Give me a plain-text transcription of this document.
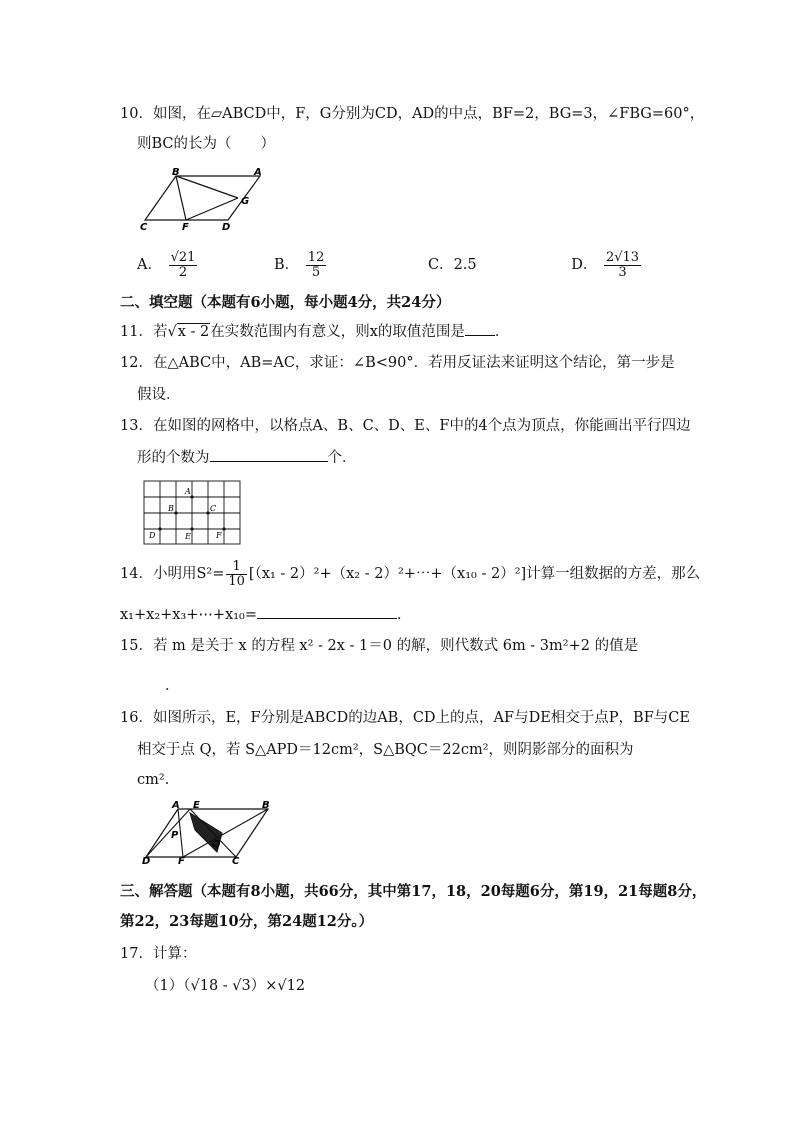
10．如图，在▱ABCD中，F，G分别为CD，AD的中点，BF=2，BG=3，∠FBG=60°，
则BC的长为（　　）
B	A
G
C	F	D
A． $\frac{√21}{2}$	B． $\frac{12}{5}$	C．2.5	D． $\frac{2√13}{3}$
二、填空题（本题有6小题，每小题4分，共24分）
11．若√x - 2在实数范围内有意义，则x的取值范围是 ．
12．在△ABC中，AB=AC，求证：∠B<90°．若用反证法来证明这个结论，第一步是
假设．
13．在如图的网格中，以格点A、B、C、D、E、F中的4个点为顶点，你能画出平行四边
形的个数为	个．
A
B	C
D	E	F
14．小明用$S^2= \frac{1}{10} [(x_1 - 2)^2+(x_2$ - 2）²+⋯+（x₁₀ - 2）²]计算一组数据的方差，那么
x₁+x₂+x₃+⋯+x₁₀=	．
15．若 m 是关于 x 的方程 x² - 2x - 1＝0 的解，则代数式 6m - 3m²+2 的值是
．
16．如图所示，E，F分别是ABCD的边AB，CD上的点，AF与DE相交于点P，BF与CE
相交于点 Q，若 S△APD＝12cm²，S△BQC＝22cm²，则阴影部分的面积为
cm².
A E	B
P
Q
D	F	C
三、解答题（本题有8小题，共66分，其中第17，18，20每题6分，第19，21每题8分，
第22，23每题10分，第24题12分。）
17．计算：
（1）（√18 - √3）×√12
